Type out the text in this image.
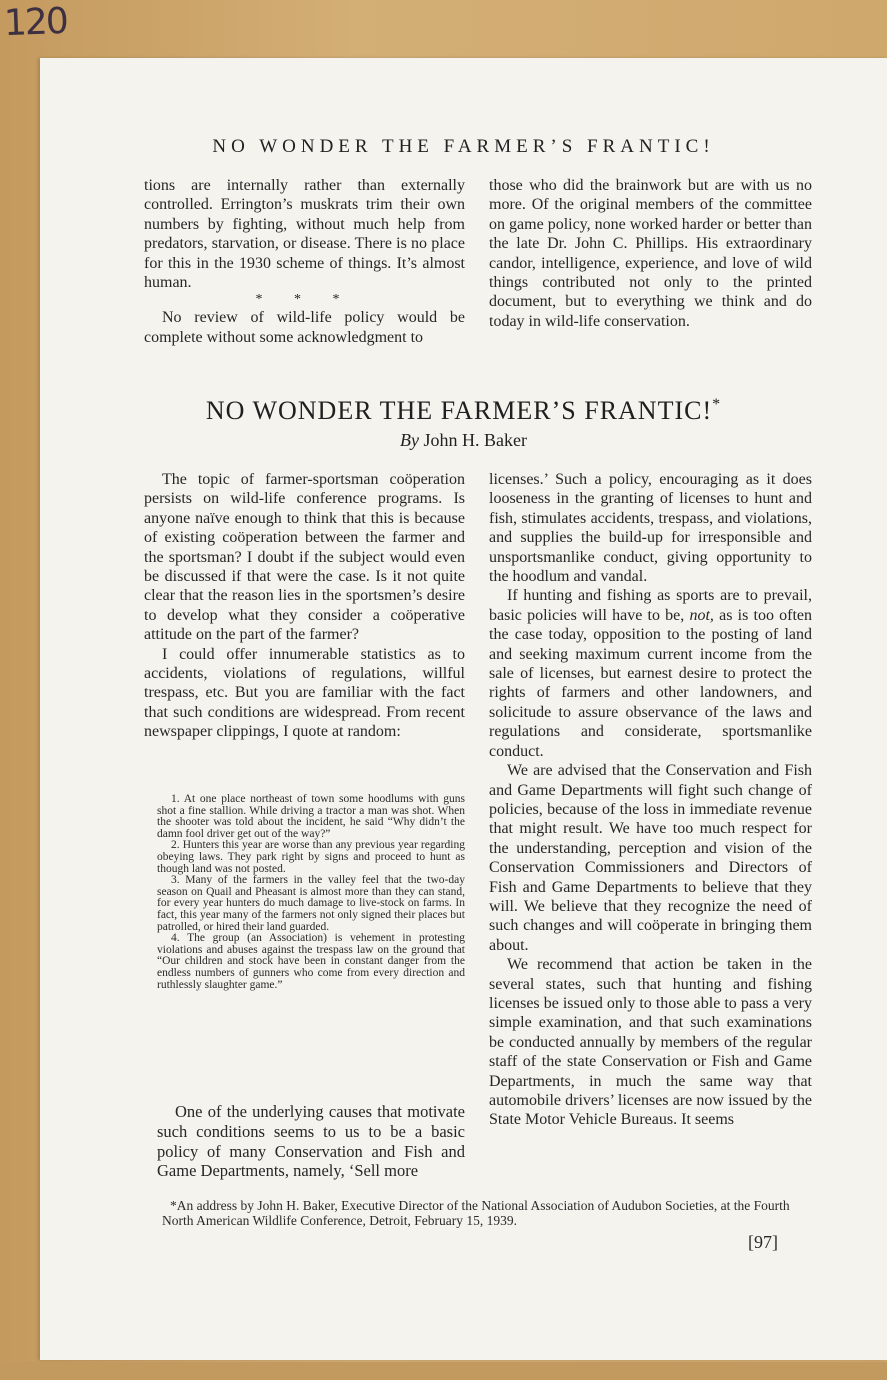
120
NO WONDER THE FARMER’S FRANTIC!

tions are internally rather than externally controlled. Errington’s muskrats trim their own numbers by fighting, without much help from predators, starvation, or disease. There is no place for this in the 1930 scheme of things. It’s almost human.

* * *

No review of wild-life policy would be complete without some acknowledgment to

those who did the brainwork but are with us no more. Of the original members of the committee on game policy, none worked harder or better than the late Dr. John C. Phillips. His extraordinary candor, intelligence, experience, and love of wild things contributed not only to the printed document, but to everything we think and do today in wild-life conservation.

NO WONDER THE FARMER’S FRANTIC!*
By John H. Baker

The topic of farmer-sportsman coöperation persists on wild-life conference programs. Is anyone naïve enough to think that this is because of existing coöperation between the farmer and the sportsman? I doubt if the subject would even be discussed if that were the case. Is it not quite clear that the reason lies in the sportsmen’s desire to develop what they consider a coöperative attitude on the part of the farmer?

I could offer innumerable statistics as to accidents, violations of regulations, willful trespass, etc. But you are familiar with the fact that such conditions are widespread. From recent newspaper clippings, I quote at random:

1. At one place northeast of town some hoodlums with guns shot a fine stallion. While driving a tractor a man was shot. When the shooter was told about the incident, he said “Why didn’t the damn fool driver get out of the way?”

2. Hunters this year are worse than any previous year regarding obeying laws. They park right by signs and proceed to hunt as though land was not posted.

3. Many of the farmers in the valley feel that the two-day season on Quail and Pheasant is almost more than they can stand, for every year hunters do much damage to live-stock on farms. In fact, this year many of the farmers not only signed their places but patrolled, or hired their land guarded.

4. The group (an Association) is vehement in protesting violations and abuses against the trespass law on the ground that “Our children and stock have been in constant danger from the endless numbers of gunners who come from every direction and ruthlessly slaughter game.”

One of the underlying causes that motivate such conditions seems to us to be a basic policy of many Conservation and Fish and Game Departments, namely, ‘Sell more

licenses.’ Such a policy, encouraging as it does looseness in the granting of licenses to hunt and fish, stimulates accidents, trespass, and violations, and supplies the build-up for irresponsible and unsportsmanlike conduct, giving opportunity to the hoodlum and vandal.

If hunting and fishing as sports are to prevail, basic policies will have to be, not, as is too often the case today, opposition to the posting of land and seeking maximum current income from the sale of licenses, but earnest desire to protect the rights of farmers and other landowners, and solicitude to assure observance of the laws and regulations and considerate, sportsmanlike conduct.

We are advised that the Conservation and Fish and Game Departments will fight such change of policies, because of the loss in immediate revenue that might result. We have too much respect for the understanding, perception and vision of the Conservation Commissioners and Directors of Fish and Game Departments to believe that they will. We believe that they recognize the need of such changes and will coöperate in bringing them about.

We recommend that action be taken in the several states, such that hunting and fishing licenses be issued only to those able to pass a very simple examination, and that such examinations be conducted annually by members of the regular staff of the state Conservation or Fish and Game Departments, in much the same way that automobile drivers’ licenses are now issued by the State Motor Vehicle Bureaus. It seems

*An address by John H. Baker, Executive Director of the National Association of Audubon Societies, at the Fourth North American Wildlife Conference, Detroit, February 15, 1939.

[97]
